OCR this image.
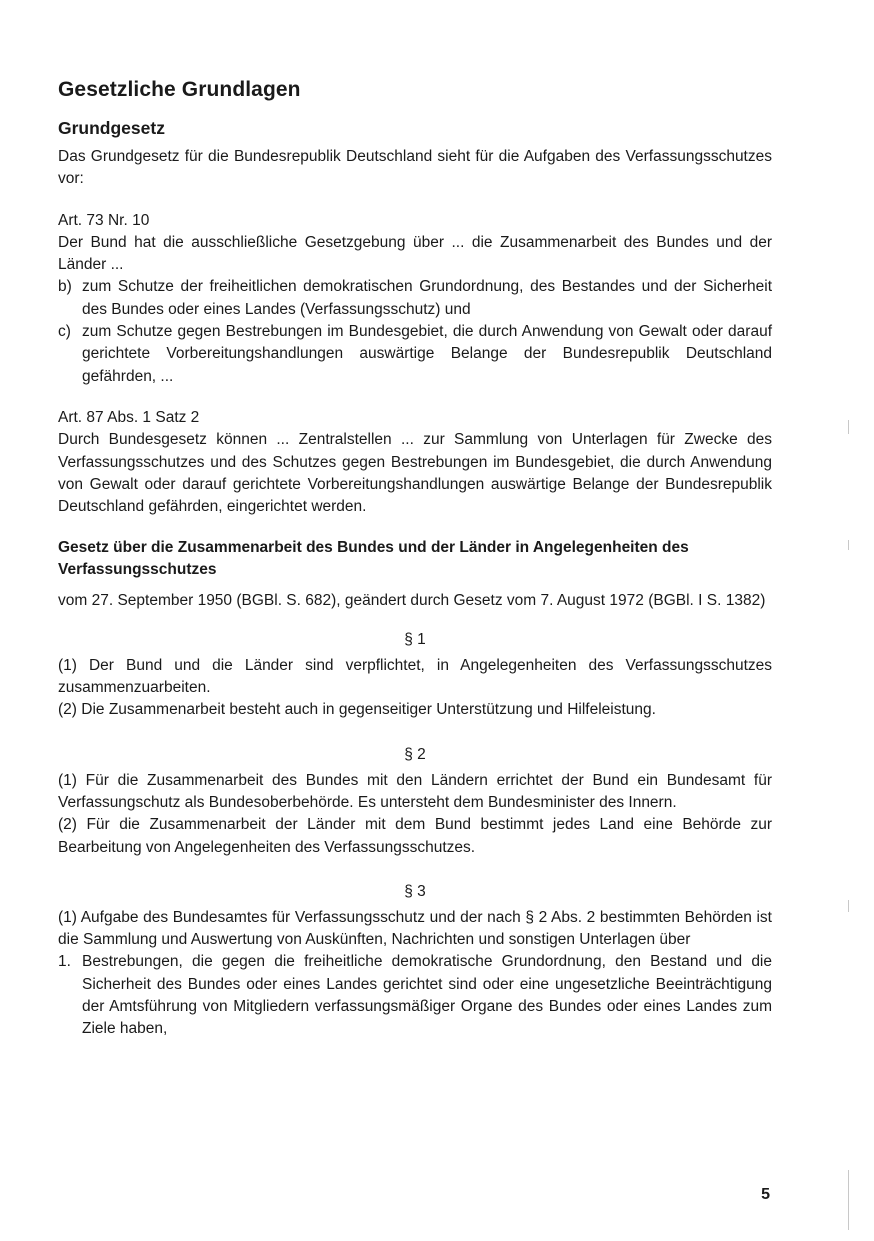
Gesetzliche Grundlagen
Grundgesetz

Das Grundgesetz für die Bundesrepublik Deutschland sieht für die Aufgaben des Verfassungsschutzes vor:

Art. 73 Nr. 10

Der Bund hat die ausschließliche Gesetzgebung über ... die Zusammenarbeit des Bundes und der Länder ...

b) zum Schutze der freiheitlichen demokratischen Grundordnung, des Bestandes und der Sicherheit des Bundes oder eines Landes (Verfassungsschutz) und
c) zum Schutze gegen Bestrebungen im Bundesgebiet, die durch Anwendung von Gewalt oder darauf gerichtete Vorbereitungshandlungen auswärtige Belange der Bundesrepublik Deutschland gefährden, ...
Art. 87 Abs. 1 Satz 2

Durch Bundesgesetz können ... Zentralstellen ... zur Sammlung von Unterlagen für Zwecke des Verfassungsschutzes und des Schutzes gegen Bestrebungen im Bundesgebiet, die durch Anwendung von Gewalt oder darauf gerichtete Vorbereitungshandlungen auswärtige Belange der Bundesrepublik Deutschland gefährden, eingerichtet werden.

Gesetz über die Zusammenarbeit des Bundes und der Länder in Angelegenheiten des Verfassungsschutzes

vom 27. September 1950 (BGBl. S. 682), geändert durch Gesetz vom 7. August 1972 (BGBl. I S. 1382)

§ 1

(1) Der Bund und die Länder sind verpflichtet, in Angelegenheiten des Verfassungsschutzes zusammenzuarbeiten.

(2) Die Zusammenarbeit besteht auch in gegenseitiger Unterstützung und Hilfeleistung.

§ 2

(1) Für die Zusammenarbeit des Bundes mit den Ländern errichtet der Bund ein Bundesamt für Verfassungschutz als Bundesoberbehörde. Es untersteht dem Bundesminister des Innern.

(2) Für die Zusammenarbeit der Länder mit dem Bund bestimmt jedes Land eine Behörde zur Bearbeitung von Angelegenheiten des Verfassungsschutzes.

§ 3

(1) Aufgabe des Bundesamtes für Verfassungsschutz und der nach § 2 Abs. 2 bestimmten Behörden ist die Sammlung und Auswertung von Auskünften, Nachrichten und sonstigen Unterlagen über

1. Bestrebungen, die gegen die freiheitliche demokratische Grundordnung, den Bestand und die Sicherheit des Bundes oder eines Landes gerichtet sind oder eine ungesetzliche Beeinträchtigung der Amtsführung von Mitgliedern verfassungsmäßiger Organe des Bundes oder eines Landes zum Ziele haben,
5
